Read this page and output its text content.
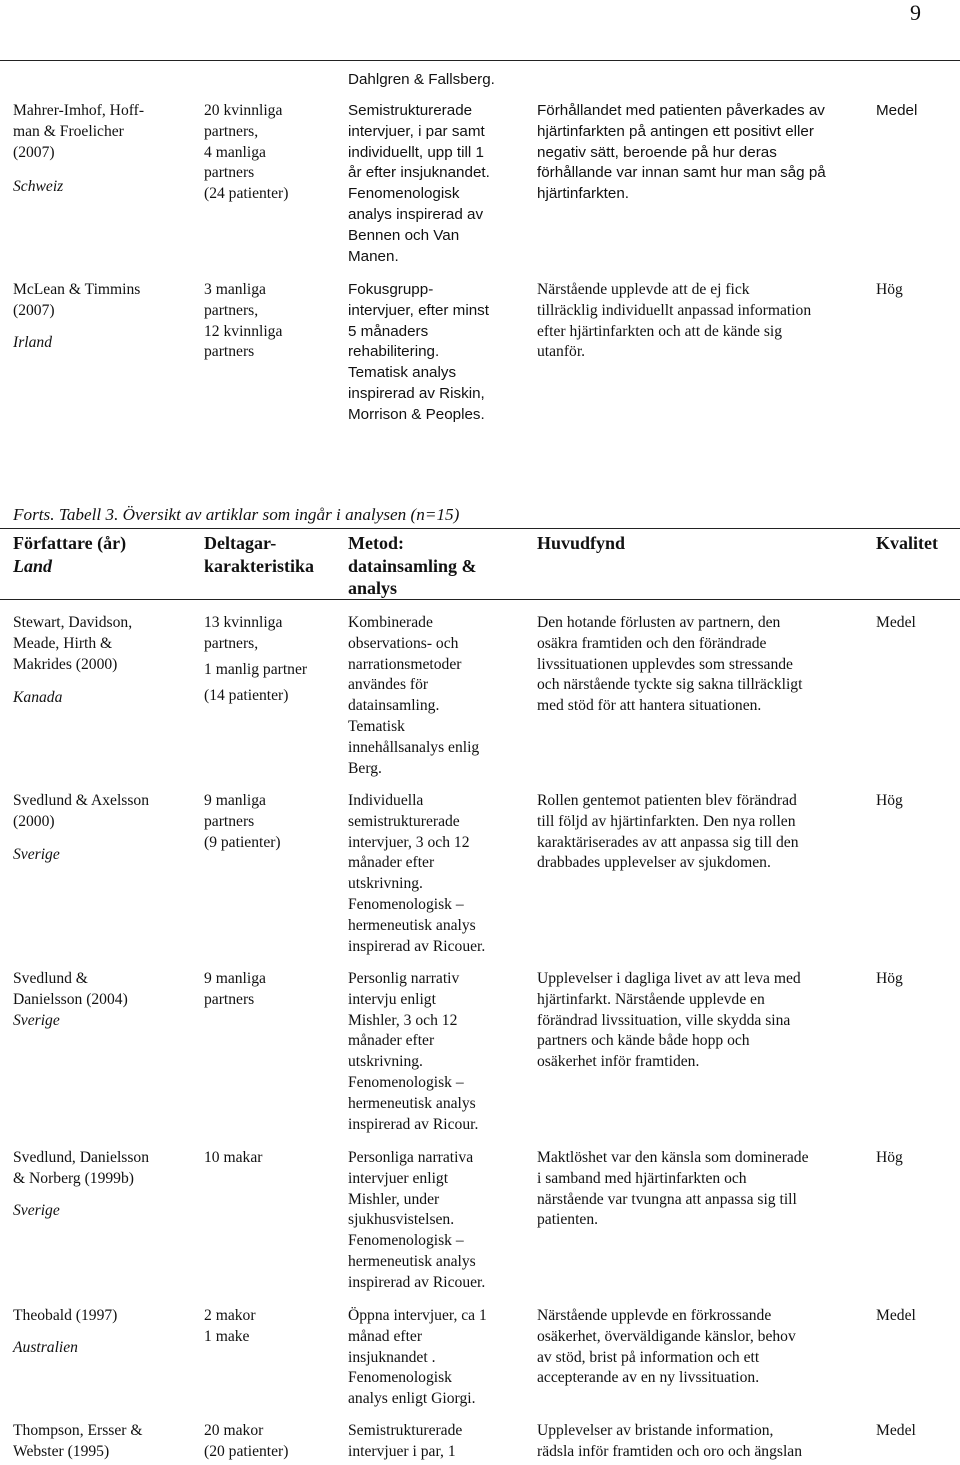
9
Dahlgren & Fallsberg.
Mahrer-Imhof, Hoff-
man & Froelicher
(2007)
Schweiz
20 kvinnliga
partners,
4 manliga
partners
(24 patienter)
Semistrukturerade
intervjuer, i par samt
individuellt, upp till 1
år efter insjuknandet.
Fenomenologisk
analys inspirerad av
Bennen och Van
Manen.
Förhållandet med patienten påverkades av
hjärtinfarkten på antingen ett positivt eller
negativ sätt, beroende på hur deras
förhållande var innan samt hur man såg på
hjärtinfarkten.
Medel
McLean & Timmins
(2007)
Irland
3 manliga
partners,
12 kvinnliga
partners
Fokusgrupp-
intervjuer, efter minst
5 månaders
rehabilitering.
Tematisk analys
inspirerad av Riskin,
Morrison & Peoples.
Närstående upplevde att de ej fick
tillräcklig individuellt anpassad information
efter hjärtinfarkten och att de kände sig
utanför.
Hög
Forts. Tabell 3. Översikt av artiklar som ingår i analysen (n=15)
Författare (år)
Land
Deltagar-
karakteristika
Metod:
datainsamling &
analys
Huvudfynd	Kvalitet
Stewart, Davidson,
Meade, Hirth &
Makrides (2000)
Kanada
13 kvinnliga
partners,
1 manlig partner
(14 patienter)
Kombinerade
observations- och
narrationsmetoder
användes för
datainsamling.
Tematisk
innehållsanalys enlig
Berg.
Den hotande förlusten av partnern, den
osäkra framtiden och den förändrade
livssituationen upplevdes som stressande
och närstående tyckte sig sakna tillräckligt
med stöd för att hantera situationen.
Medel
Svedlund & Axelsson
(2000)
Sverige
9 manliga
partners
(9 patienter)
Individuella
semistrukturerade
intervjuer, 3 och 12
månader efter
utskrivning.
Fenomenologisk –
hermeneutisk analys
inspirerad av Ricouer.
Rollen gentemot patienten blev förändrad
till följd av hjärtinfarkten. Den nya rollen
karaktäriserades av att anpassa sig till den
drabbades upplevelser av sjukdomen.
Hög
Svedlund &
Danielsson (2004)
Sverige
9 manliga
partners
Personlig narrativ
intervju enligt
Mishler, 3 och 12
månader efter
utskrivning.
Fenomenologisk –
hermeneutisk analys
inspirerad av Ricour.
Upplevelser i dagliga livet av att leva med
hjärtinfarkt. Närstående upplevde en
förändrad livssituation, ville skydda sina
partners och kände både hopp och
osäkerhet inför framtiden.
Hög
Svedlund, Danielsson
& Norberg (1999b)
Sverige
10 makar	Personliga narrativa
intervjuer enligt
Mishler, under
sjukhusvistelsen.
Fenomenologisk –
hermeneutisk analys
inspirerad av Ricouer.
Maktlöshet var den känsla som dominerade
i samband med hjärtinfarkten och
närstående var tvungna att anpassa sig till
patienten.
Hög
Theobald (1997)
Australien
2 makor
1 make
Öppna intervjuer, ca 1
månad efter
insjuknandet .
Fenomenologisk
analys enligt Giorgi.
Närstående upplevde en förkrossande
osäkerhet, överväldigande känslor, behov
av stöd, brist på information och ett
accepterande av en ny livssituation.
Medel
Thompson, Ersser &
Webster (1995)
20 makor
(20 patienter)
Semistrukturerade
intervjuer i par, 1
Upplevelser av bristande information,
rädsla inför framtiden och oro och ängslan
Medel
